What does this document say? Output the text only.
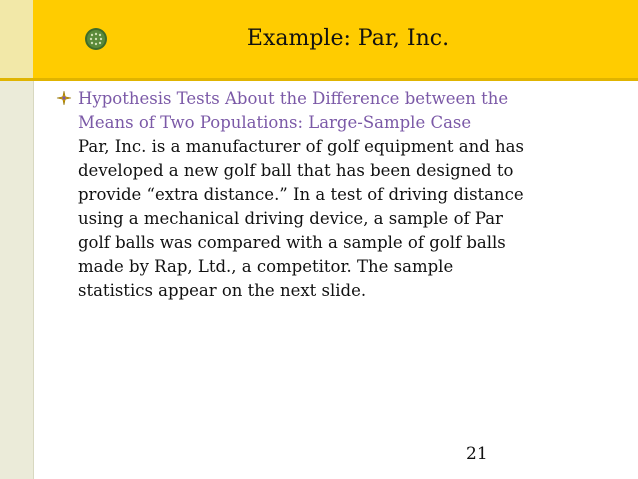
Example: Par, Inc.
Hypothesis Tests About the Difference between the
Means of Two Populations: Large-Sample Case
Par, Inc. is a manufacturer of golf equipment and has
developed a new golf ball that has been designed to
provide “extra distance.” In a test of driving distance
using a mechanical driving device, a sample of Par
golf balls was compared with a sample of golf balls
made by Rap, Ltd., a competitor. The sample
statistics appear on the next slide.
21
